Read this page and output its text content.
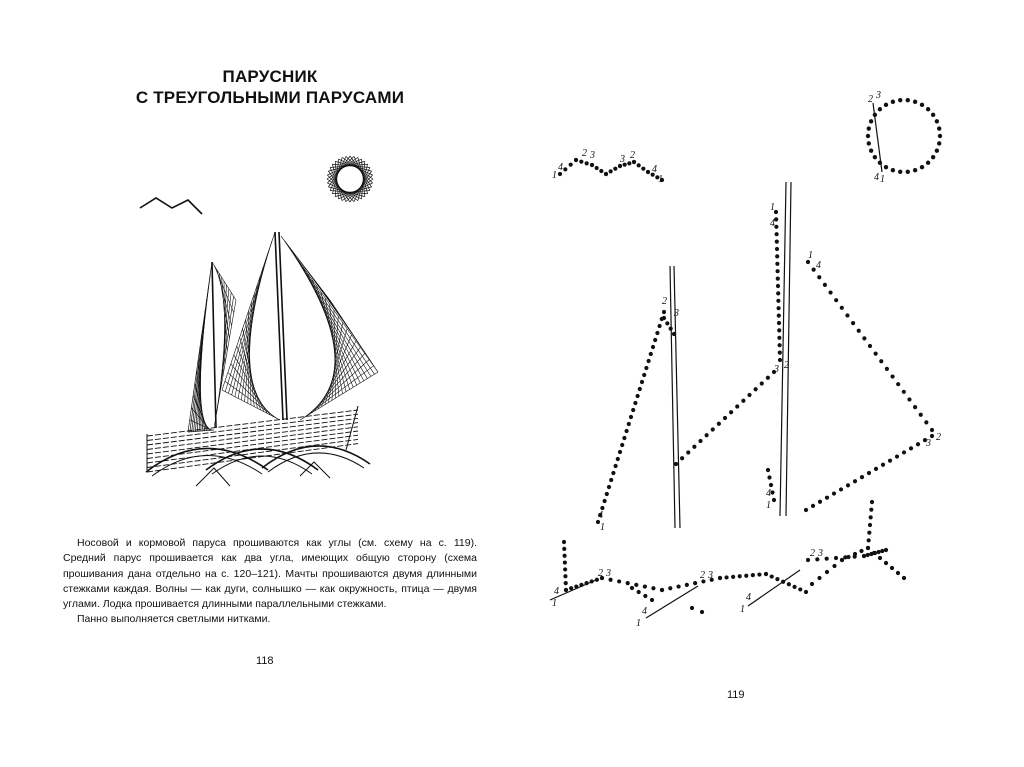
ПАРУСНИК
С ТРЕУГОЛЬНЫМИ ПАРУСАМИ

Носовой и кормовой паруса прошиваются как углы (см. схему на с. 119). Средний парус прошивается как два угла, имеющих общую сторону (схема прошивания дана отдельно на с. 120–121). Мачты прошиваются двумя длинными стежками каждая. Волны — как дуги, солнышко — как окружность, птица — двумя углами. Лодка прошивается длинными параллельными стежками.

Панно выполняется светлыми нитками.

118
1
4
2 3
1
4
2 3
1
4
2 3
1
4
2 3	3 2
4
1
2 3
4 1
1
4
2
3
1
4
3 2
4
1
1
4
2
3
119
